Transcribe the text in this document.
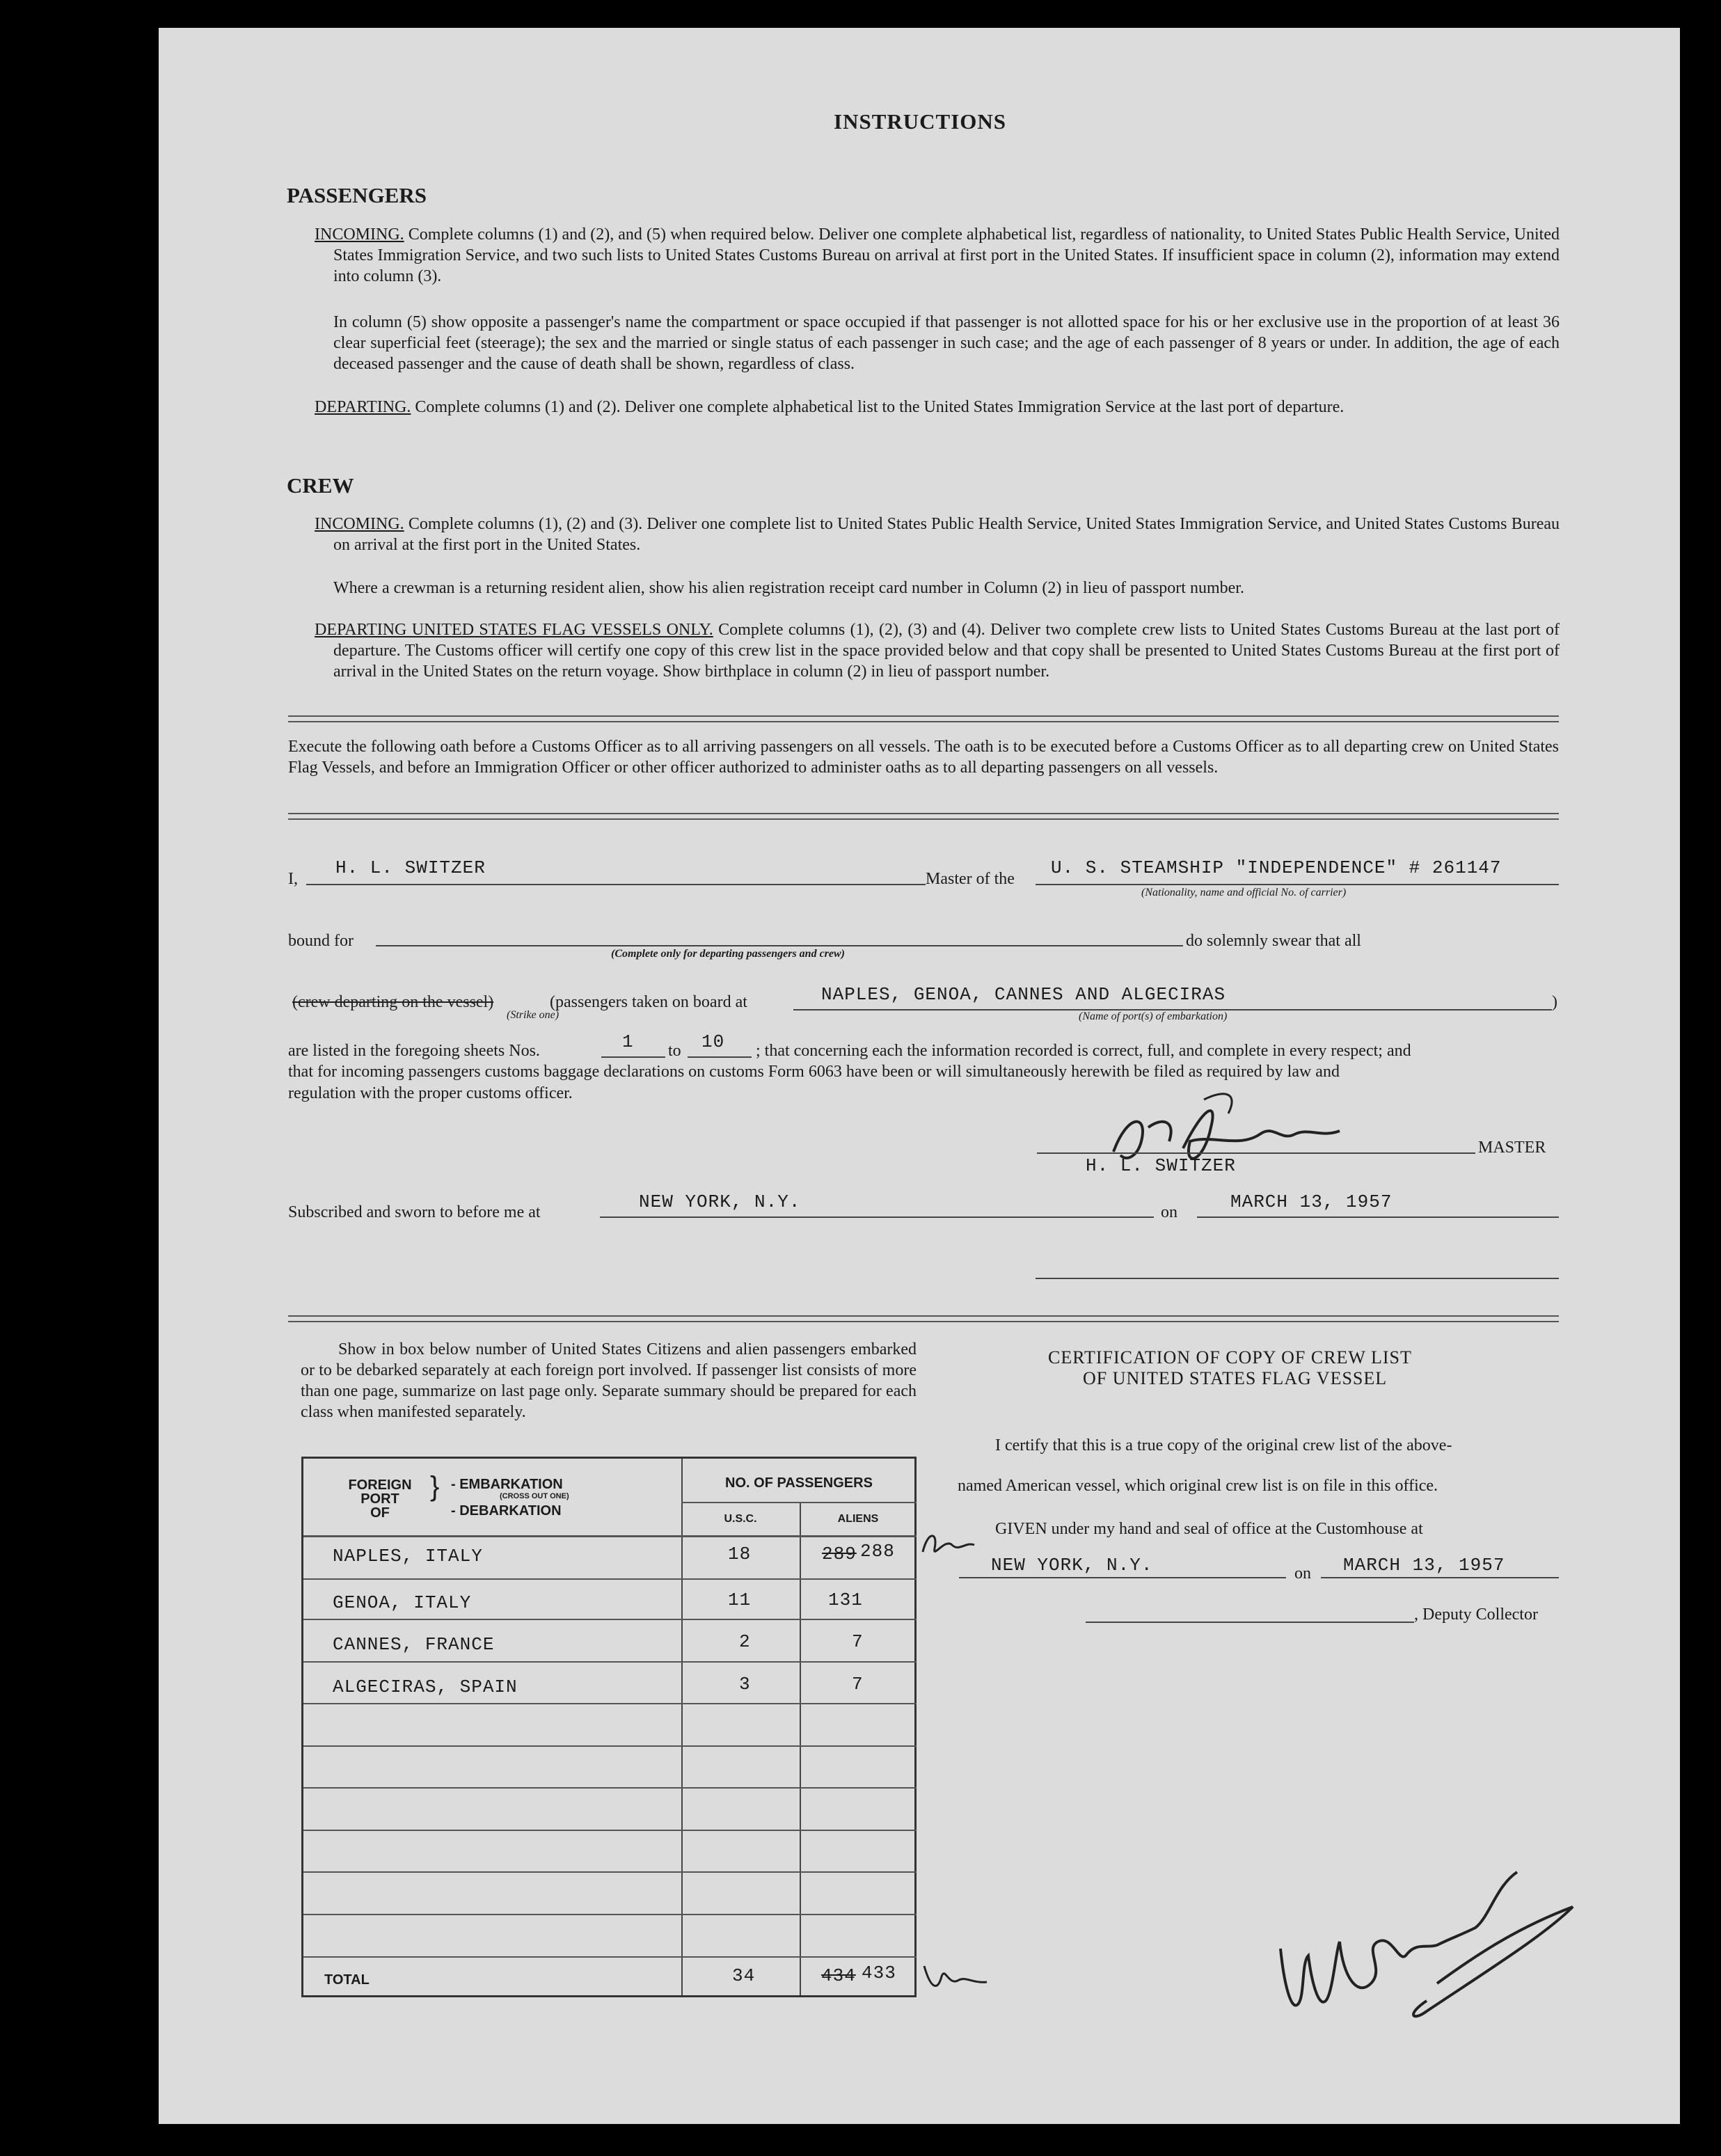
INSTRUCTIONS
PASSENGERS
INCOMING. Complete columns (1) and (2), and (5) when required below. Deliver one complete alphabetical list, regardless of nationality, to United States Public Health Service, United States Immigration Service, and two such lists to United States Customs Bureau on arrival at first port in the United States. If insufficient space in column (2), information may extend into column (3).
In column (5) show opposite a passenger's name the compartment or space occupied if that passenger is not allotted space for his or her exclusive use in the proportion of at least 36 clear superficial feet (steerage); the sex and the married or single status of each passenger in such case; and the age of each passenger of 8 years or under. In addition, the age of each deceased passenger and the cause of death shall be shown, regardless of class.
DEPARTING. Complete columns (1) and (2). Deliver one complete alphabetical list to the United States Immigration Service at the last port of departure.
CREW
INCOMING. Complete columns (1), (2) and (3). Deliver one complete list to United States Public Health Service, United States Immigration Service, and United States Customs Bureau on arrival at the first port in the United States.
Where a crewman is a returning resident alien, show his alien registration receipt card number in Column (2) in lieu of passport number.
DEPARTING UNITED STATES FLAG VESSELS ONLY. Complete columns (1), (2), (3) and (4). Deliver two complete crew lists to United States Customs Bureau at the last port of departure. The Customs officer will certify one copy of this crew list in the space provided below and that copy shall be presented to United States Customs Bureau at the first port of arrival in the United States on the return voyage. Show birthplace in column (2) in lieu of passport number.
Execute the following oath before a Customs Officer as to all arriving passengers on all vessels. The oath is to be executed before a Customs Officer as to all departing crew on United States Flag Vessels, and before an Immigration Officer or other officer authorized to administer oaths as to all departing passengers on all vessels.
I,
H. L. SWITZER
Master of the
U. S. STEAMSHIP "INDEPENDENCE" # 261147
(Nationality, name and official No. of carrier)
bound for
(Complete only for departing passengers and crew)
do solemnly swear that all
(crew departing on the vessel)
(Strike one)
(passengers taken on board at	NAPLES, GENOA, CANNES AND ALGECIRAS
(Name of port(s) of embarkation)
)
are listed in the foregoing sheets Nos.	1 to 10 ; that concerning each the information recorded is correct, full, and complete in every respect; and
that for incoming passengers customs baggage declarations on customs Form 6063 have been or will simultaneously herewith be filed as required by law and
regulation with the proper customs officer.
MASTER
H. L. SWITZER
Subscribed and sworn to before me at	NEW YORK, N.Y.	on	MARCH 13, 1957
Show in box below number of United States Citizens and alien passengers embarked or to be debarked separately at each foreign port involved. If passenger list consists of more than one page, summarize on last page only. Separate summary should be prepared for each class when manifested separately.
FOREIGN
PORT
OF
} - EMBARKATION
(CROSS OUT ONE)
- DEBARKATION
NO. OF PASSENGERS
U.S.C.	ALIENS
NAPLES, ITALY	18	289 288
GENOA, ITALY	11	131
CANNES, FRANCE	2	7
ALGECIRAS, SPAIN	3	7
TOTAL	34	434 433
CERTIFICATION OF COPY OF CREW LIST
OF UNITED STATES FLAG VESSEL
I certify that this is a true copy of the original crew list of the above-
named American vessel, which original crew list is on file in this office.
GIVEN under my hand and seal of office at the Customhouse at
NEW YORK, N.Y.	on MARCH 13, 1957
, Deputy Collector
